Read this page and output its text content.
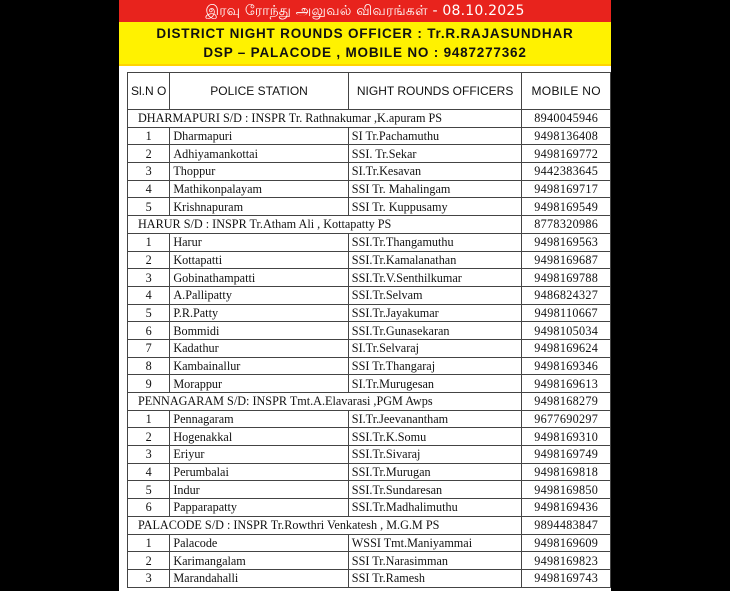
இரவு ரோந்து அலுவல் விவரங்கள் - 08.10.2025
DISTRICT NIGHT ROUNDS OFFICER : Tr.R.RAJASUNDHAR
DSP – PALACODE , MOBILE NO : 9487277362
Sl.N O	POLICE STATION	NIGHT ROUNDS OFFICERS	MOBILE NO
DHARMAPURI S/D : INSPR Tr. Rathnakumar ,K.apuram PS			8940045946
1	Dharmapuri	SI Tr.Pachamuthu	9498136408
2	Adhiyamankottai	SSI. Tr.Sekar	9498169772
3	Thoppur	SI.Tr.Kesavan	9442383645
4	Mathikonpalayam	SSI Tr. Mahalingam	9498169717
5	Krishnapuram	SSI Tr. Kuppusamy	9498169549
HARUR S/D : INSPR Tr.Atham Ali , Kottapatty PS			8778320986
1	Harur	SSI.Tr.Thangamuthu	9498169563
2	Kottapatti	SSI.Tr.Kamalanathan	9498169687
3	Gobinathampatti	SSI.Tr.V.Senthilkumar	9498169788
4	A.Pallipatty	SSI.Tr.Selvam	9486824327
5	P.R.Patty	SSI.Tr.Jayakumar	9498110667
6	Bommidi	SSI.Tr.Gunasekaran	9498105034
7	Kadathur	SI.Tr.Selvaraj	9498169624
8	Kambainallur	SSI Tr.Thangaraj	9498169346
9	Morappur	SI.Tr.Murugesan	9498169613
PENNAGARAM S/D: INSPR Tmt.A.Elavarasi ,PGM Awps			9498168279
1	Pennagaram	SI.Tr.Jeevanantham	9677690297
2	Hogenakkal	SSI.Tr.K.Somu	9498169310
3	Eriyur	SSI.Tr.Sivaraj	9498169749
4	Perumbalai	SSI.Tr.Murugan	9498169818
5	Indur	SSI.Tr.Sundaresan	9498169850
6	Papparapatty	SSI.Tr.Madhalimuthu	9498169436
PALACODE S/D : INSPR Tr.Rowthri Venkatesh , M.G.M PS			9894483847
1	Palacode	WSSI Tmt.Maniyammai	9498169609
2	Karimangalam	SSI Tr.Narasimman	9498169823
3	Marandahalli	SSI Tr.Ramesh	9498169743
